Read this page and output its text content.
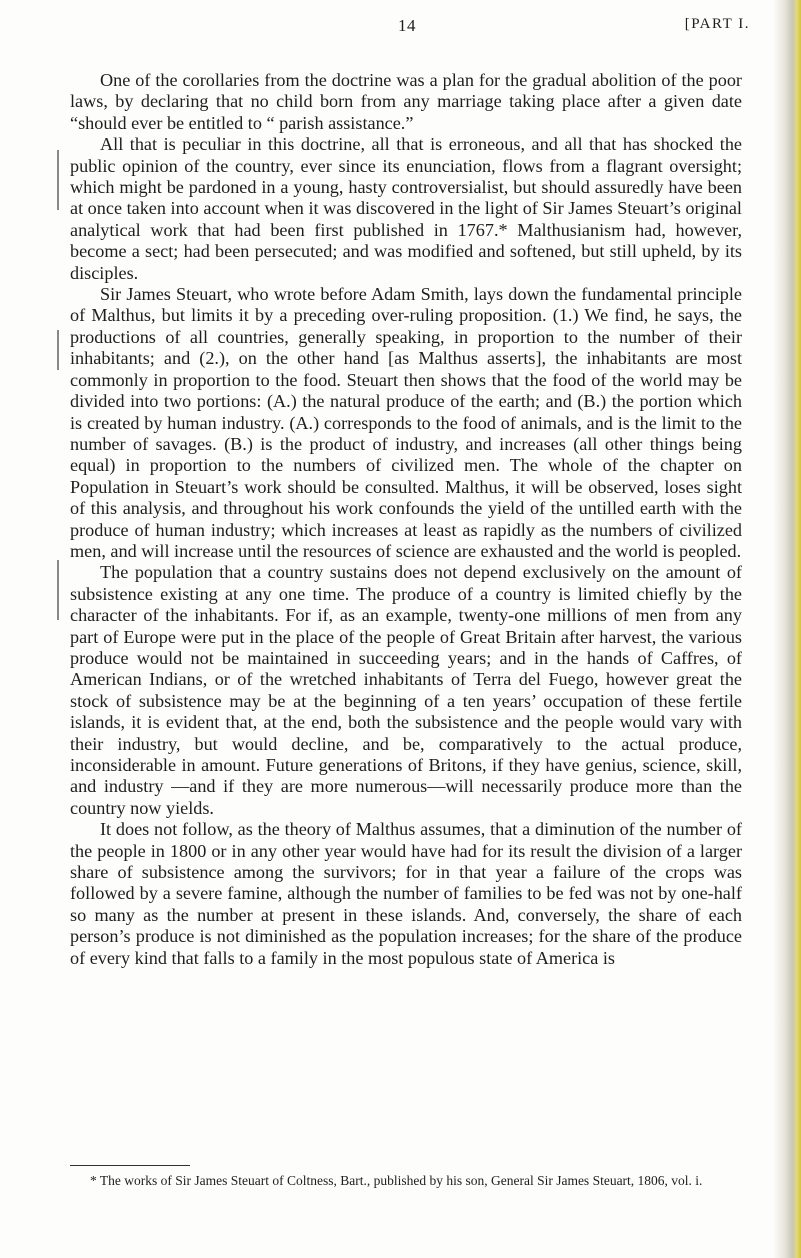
14	[PART I.

One of the corollaries from the doctrine was a plan for the gradual abolition of the poor laws, by declaring that no child born from any marriage taking place after a given date “should ever be entitled to “ parish assistance.”

All that is peculiar in this doctrine, all that is erroneous, and all that has shocked the public opinion of the country, ever since its enunciation, flows from a flagrant oversight; which might be pardoned in a young, hasty controversialist, but should assuredly have been at once taken into account when it was discovered in the light of Sir James Steuart’s original analytical work that had been first published in 1767.* Malthusianism had, however, become a sect; had been persecuted; and was modified and softened, but still upheld, by its disciples.

Sir James Steuart, who wrote before Adam Smith, lays down the fundamental principle of Malthus, but limits it by a preceding over-ruling proposition. (1.) We find, he says, the productions of all countries, generally speaking, in proportion to the number of their inhabitants; and (2.), on the other hand [as Malthus asserts], the inhabitants are most commonly in proportion to the food. Steuart then shows that the food of the world may be divided into two portions: (A.) the natural produce of the earth; and (B.) the portion which is created by human industry. (A.) corresponds to the food of animals, and is the limit to the number of savages. (B.) is the product of industry, and increases (all other things being equal) in proportion to the numbers of civilized men. The whole of the chapter on Population in Steuart’s work should be consulted. Malthus, it will be observed, loses sight of this analysis, and throughout his work confounds the yield of the untilled earth with the produce of human industry; which increases at least as rapidly as the numbers of civilized men, and will increase until the resources of science are exhausted and the world is peopled.

The population that a country sustains does not depend exclusively on the amount of subsistence existing at any one time. The produce of a country is limited chiefly by the character of the inhabitants. For if, as an example, twenty-one millions of men from any part of Europe were put in the place of the people of Great Britain after harvest, the various produce would not be maintained in succeeding years; and in the hands of Caffres, of American Indians, or of the wretched inhabitants of Terra del Fuego, however great the stock of subsistence may be at the beginning of a ten years’ occupation of these fertile islands, it is evident that, at the end, both the subsistence and the people would vary with their industry, but would decline, and be, comparatively to the actual produce, inconsiderable in amount. Future generations of Britons, if they have genius, science, skill, and industry —and if they are more numerous—will necessarily produce more than the country now yields.

It does not follow, as the theory of Malthus assumes, that a diminution of the number of the people in 1800 or in any other year would have had for its result the division of a larger share of subsistence among the survivors; for in that year a failure of the crops was followed by a severe famine, although the number of families to be fed was not by one-half so many as the number at present in these islands. And, conversely, the share of each person’s produce is not diminished as the population increases; for the share of the produce of every kind that falls to a family in the most populous state of America is

* The works of Sir James Steuart of Coltness, Bart., published by his son, General Sir James Steuart, 1806, vol. i.
